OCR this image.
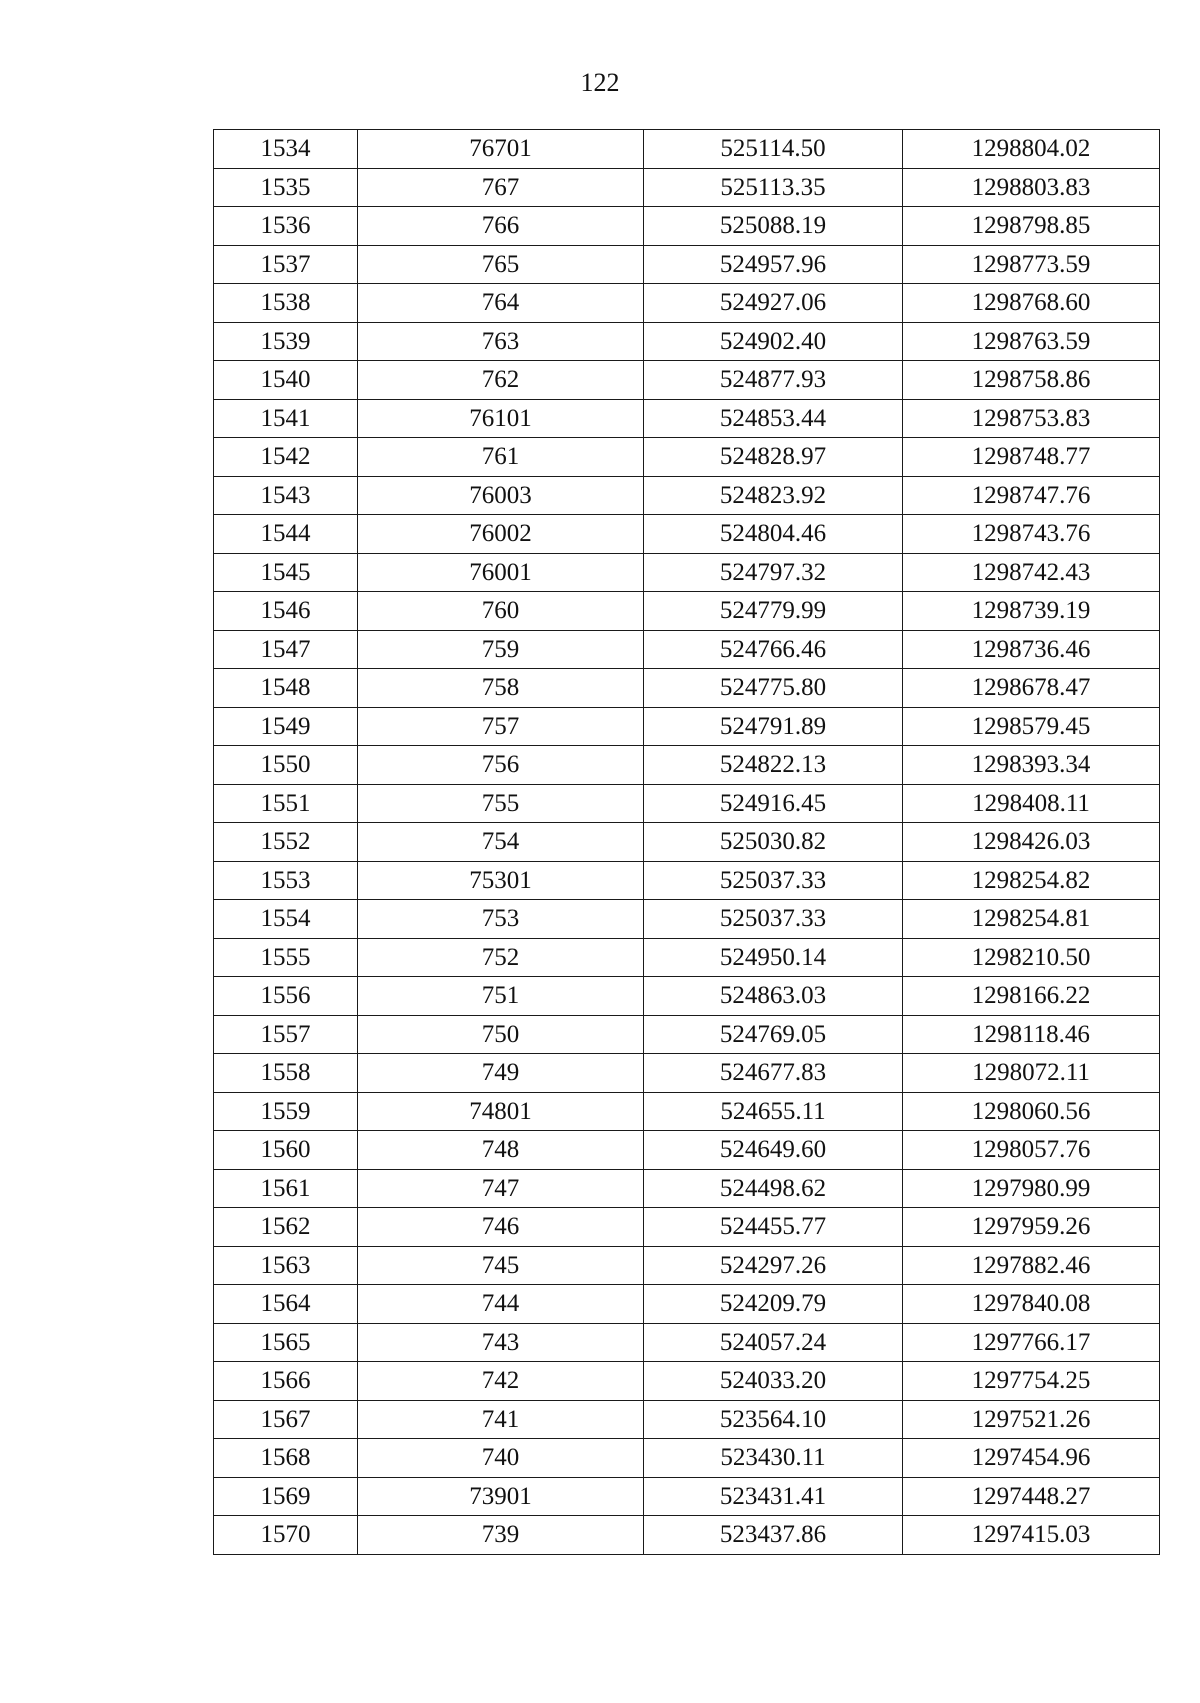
122
1534	76701	525114.50	1298804.02
1535	767	525113.35	1298803.83
1536	766	525088.19	1298798.85
1537	765	524957.96	1298773.59
1538	764	524927.06	1298768.60
1539	763	524902.40	1298763.59
1540	762	524877.93	1298758.86
1541	76101	524853.44	1298753.83
1542	761	524828.97	1298748.77
1543	76003	524823.92	1298747.76
1544	76002	524804.46	1298743.76
1545	76001	524797.32	1298742.43
1546	760	524779.99	1298739.19
1547	759	524766.46	1298736.46
1548	758	524775.80	1298678.47
1549	757	524791.89	1298579.45
1550	756	524822.13	1298393.34
1551	755	524916.45	1298408.11
1552	754	525030.82	1298426.03
1553	75301	525037.33	1298254.82
1554	753	525037.33	1298254.81
1555	752	524950.14	1298210.50
1556	751	524863.03	1298166.22
1557	750	524769.05	1298118.46
1558	749	524677.83	1298072.11
1559	74801	524655.11	1298060.56
1560	748	524649.60	1298057.76
1561	747	524498.62	1297980.99
1562	746	524455.77	1297959.26
1563	745	524297.26	1297882.46
1564	744	524209.79	1297840.08
1565	743	524057.24	1297766.17
1566	742	524033.20	1297754.25
1567	741	523564.10	1297521.26
1568	740	523430.11	1297454.96
1569	73901	523431.41	1297448.27
1570	739	523437.86	1297415.03
